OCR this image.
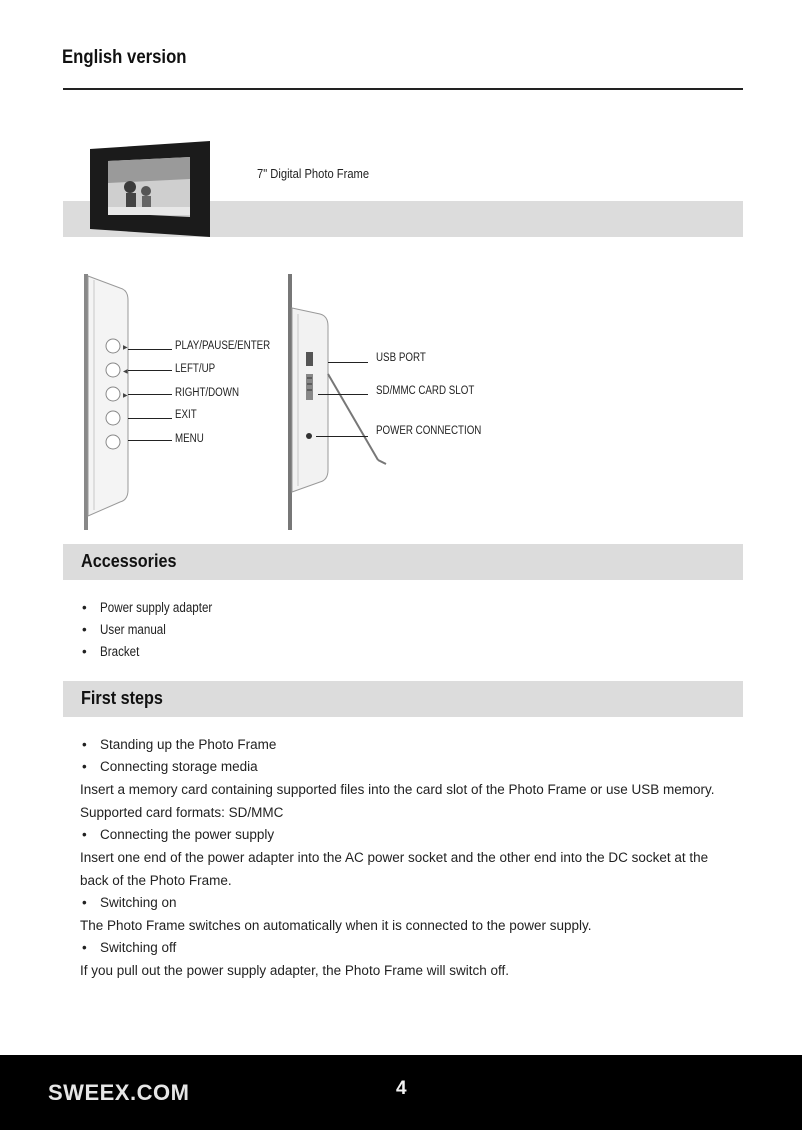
English version
7" Digital Photo Frame
▶
◀
▶
PLAY/PAUSE/ENTER
LEFT/UP
RIGHT/DOWN
EXIT
MENU
USB PORT
SD/MMC CARD SLOT
POWER CONNECTION
Accessories
• Power supply adapter
• User manual
• Bracket
First steps
• Standing up the Photo Frame
• Connecting storage media
Insert a memory card containing supported files into the card slot of the Photo Frame or use USB memory. Supported card formats: SD/MMC
• Connecting the power supply
Insert one end of the power adapter into the AC power socket and the other end into the DC socket at the back of the Photo Frame.
• Switching on
The Photo Frame switches on automatically when it is connected to the power supply.
• Switching off
If you pull out the power supply adapter, the Photo Frame will switch off.
SWEEX.COM	4
